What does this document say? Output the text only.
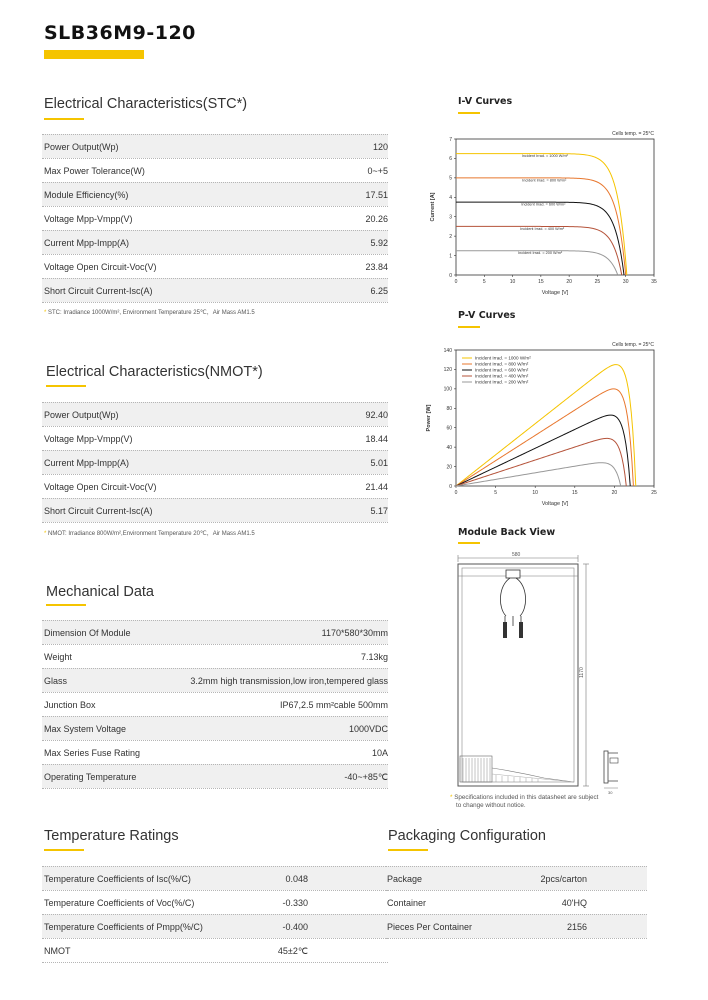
SLB36M9-120
Electrical Characteristics(STC*)
Power Output(Wp)	120
Max Power Tolerance(W)	0~+5
Module Efficiency(%)	17.51
Voltage Mpp-Vmpp(V)	20.26
Current Mpp-Impp(A)	5.92
Voltage Open Circuit-Voc(V)	23.84
Short Circuit Current-Isc(A)	6.25
* STC: Irradiance 1000W/m², Environment Temperature 25℃，Air Mass AM1.5
Electrical Characteristics(NMOT*)
Power Output(Wp)	92.40
Voltage Mpp-Vmpp(V)	18.44
Current Mpp-Impp(A)	5.01
Voltage Open Circuit-Voc(V)	21.44
Short Circuit Current-Isc(A)	5.17
* NMOT: Irradiance 800W/m²,Environment Temperature 20℃，Air Mass AM1.5
Mechanical Data
Dimension Of Module	1170*580*30mm
Weight	7.13kg
Glass	3.2mm high transmission,low iron,tempered glass
Junction Box	IP67,2.5 mm²cable 500mm
Max System Voltage	1000VDC
Max Series Fuse Rating	10A
Operating Temperature	-40~+85℃
Temperature Ratings
Temperature Coefficients of Isc(%/C)	0.048
Temperature Coefficients of Voc(%/C)	-0.330
Temperature Coefficients of Pmpp(%/C)	-0.400
NMOT	45±2℃
Packaging Configuration
Package	2pcs/carton
Container	40'HQ
Pieces Per Container	2156
I-V Curves
0	5	10	15	20	25	30	35
0
1
2
3
4
5
6
7
Voltage [V]
Current [A]
Cells temp. = 25°C
Incident Irrad. = 1000 W/m²
Incident Irrad. = 800 W/m²
Incident Irrad. = 600 W/m²
Incident Irrad. = 400 W/m²
Incident Irrad. = 200 W/m²
P-V Curves
0	5	10	15	20	25
0
20
40
60
80
100
120
140
Voltage [V]
Power [W]
Cells temp. = 25°C
Incident Irrad. = 1000 W/m²
Incident Irrad. = 800 W/m²
Incident Irrad. = 600 W/m²
Incident Irrad. = 400 W/m²
Incident Irrad. = 200 W/m²
Module Back View
580
1170
30
* Specifications included in this datasheet are subject
to change without notice.
